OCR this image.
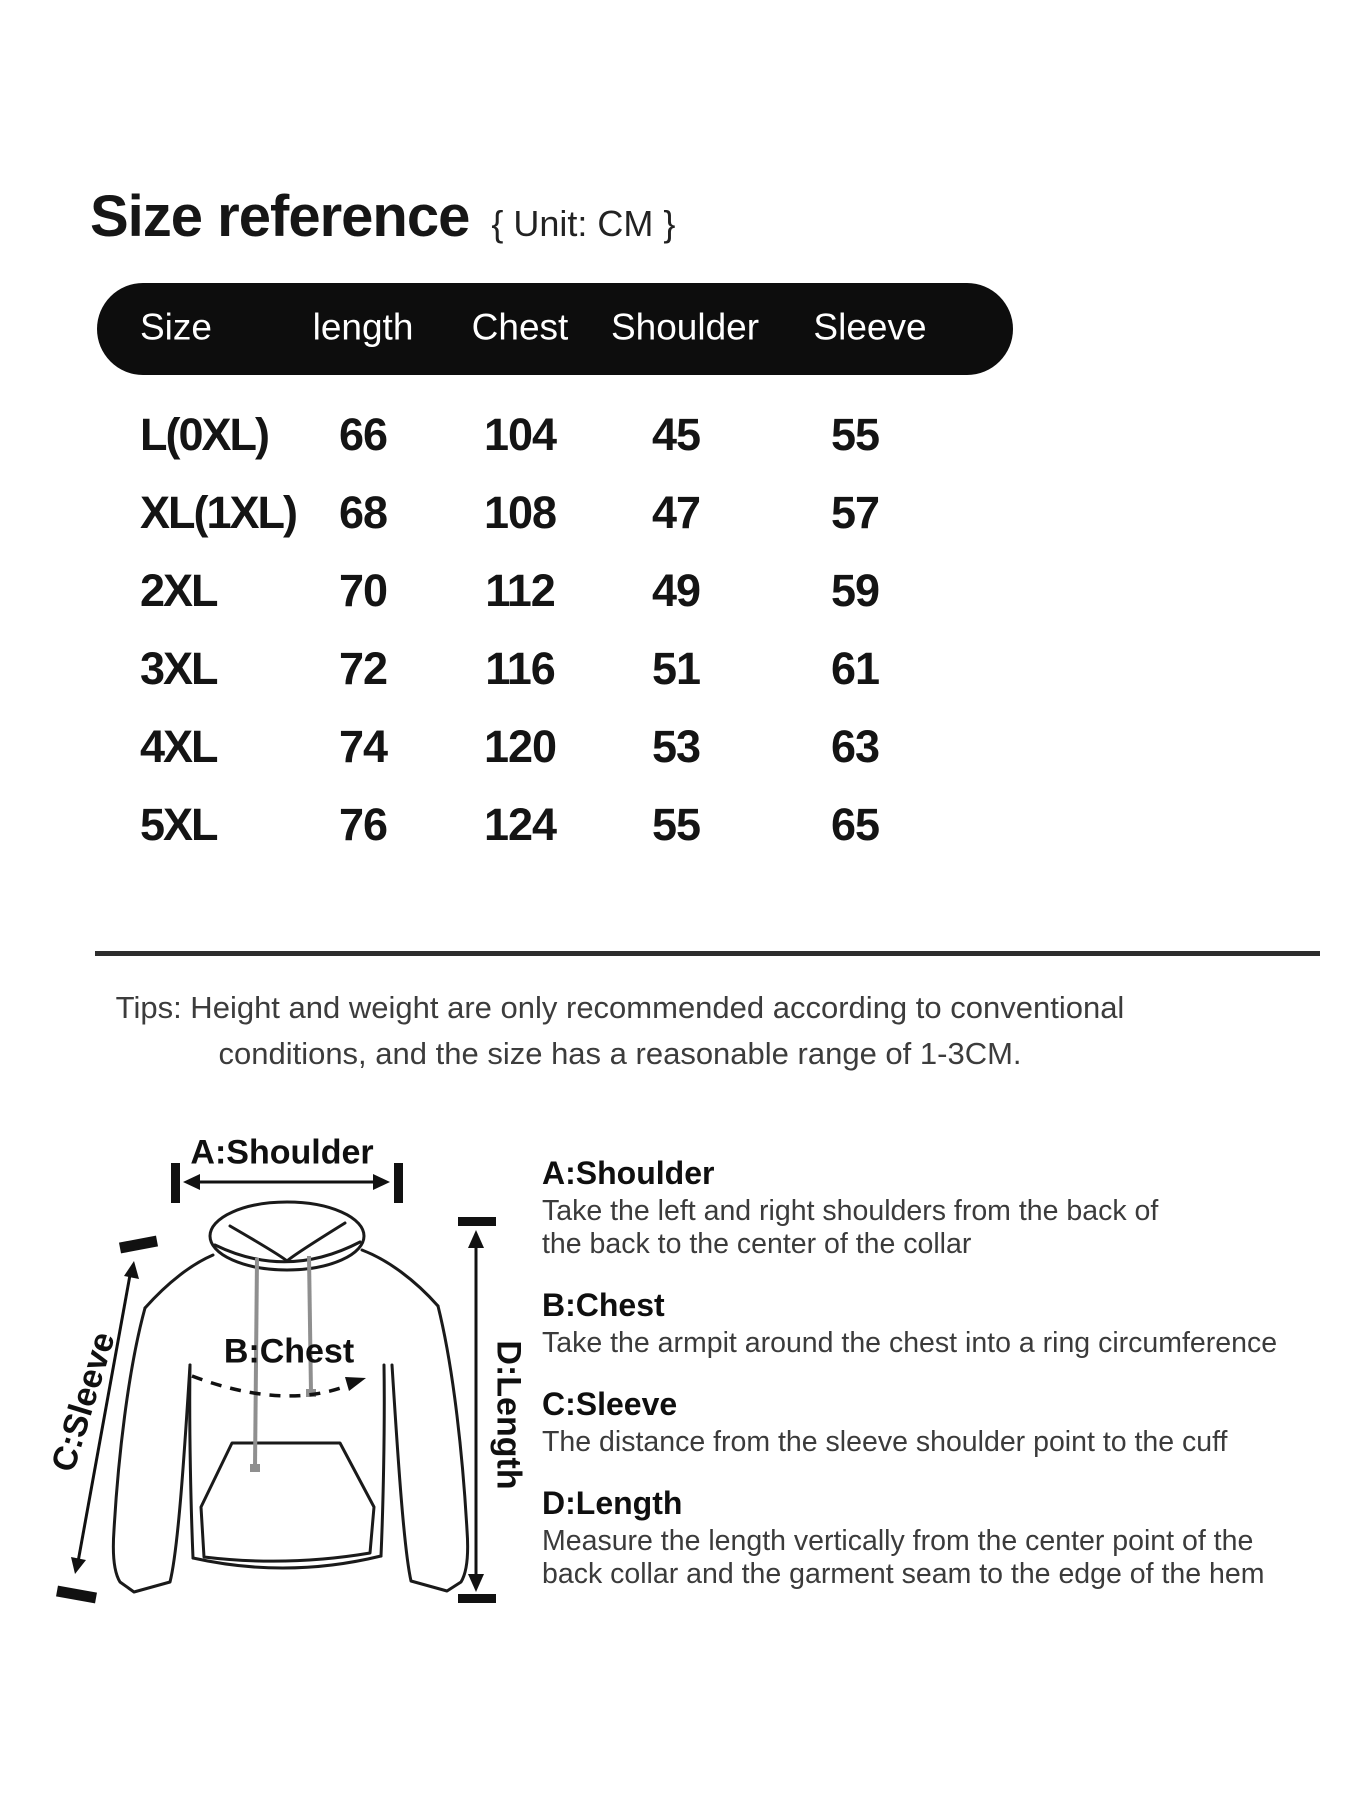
Size reference { Unit: CM }
Size	length Chest Shoulder Sleeve
L(0XL) 66 104 45	55
XL(1XL) 68 108 47	57
2XL	70 112 49	59
3XL	72 116 51	61
4XL	74 120 53	63
5XL	76 124 55	65
Tips: Height and weight are only recommended according to conventional
conditions, and the size has a reasonable range of 1-3CM.
A:Shoulder
B:Chest
C:Sleeve	D:Length
A:Shoulder
Take the left and right shoulders from the back of
the back to the center of the collar
B:Chest
Take the armpit around the chest into a ring circumference
C:Sleeve
The distance from the sleeve shoulder point to the cuff
D:Length
Measure the length vertically from the center point of the
back collar and the garment seam to the edge of the hem
